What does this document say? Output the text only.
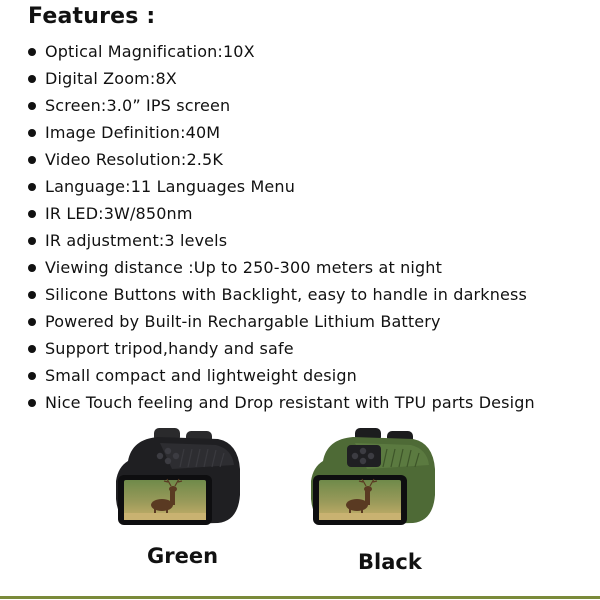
Features :
Optical Magnification:10X
Digital Zoom:8X
Screen:3.0” IPS screen
Image Definition:40M
Video Resolution:2.5K
Language:11 Languages Menu
IR LED:3W/850nm
IR adjustment:3 levels
Viewing distance :Up to 250-300 meters at night
Silicone Buttons with Backlight, easy to handle in darkness
Powered by Built-in Rechargable Lithium Battery
Support tripod,handy and safe
Small compact and lightweight design
Nice Touch feeling and Drop resistant with TPU parts Design
Green	Black
